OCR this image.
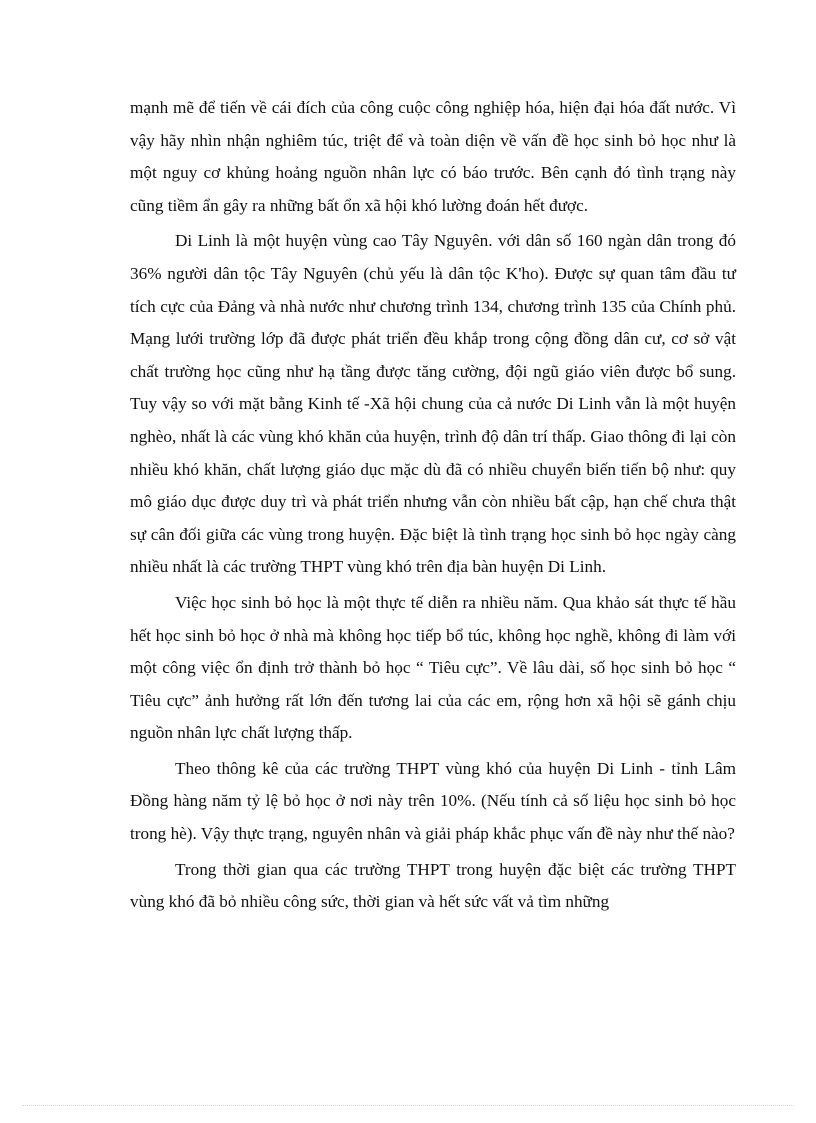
mạnh mẽ để tiến về cái đích của công cuộc công nghiệp hóa, hiện đại hóa đất nước. Vì vậy hãy nhìn nhận nghiêm túc, triệt để và toàn diện về vấn đề học sinh bỏ học như là một nguy cơ khủng hoảng nguồn nhân lực có báo trước. Bên cạnh đó tình trạng này cũng tiềm ẩn gây ra những bất ổn xã hội khó lường đoán hết được.

Di Linh là một huyện vùng cao Tây Nguyên. với dân số 160 ngàn dân trong đó 36% người dân tộc Tây Nguyên (chủ yếu là dân tộc K'ho). Được sự quan tâm đầu tư tích cực của Đảng và nhà nước như chương trình 134, chương trình 135 của Chính phủ. Mạng lưới trường lớp đã được phát triển đều khắp trong cộng đồng dân cư, cơ sở vật chất trường học cũng như hạ tầng được tăng cường, đội ngũ giáo viên được bổ sung. Tuy vậy so với mặt bằng Kinh tế -Xã hội chung của cả nước Di Linh vẫn là một huyện nghèo, nhất là các vùng khó khăn của huyện, trình độ dân trí thấp. Giao thông đi lại còn nhiều khó khăn, chất lượng giáo dục mặc dù đã có nhiều chuyển biến tiến bộ như: quy mô giáo dục được duy trì và phát triển nhưng vẫn còn nhiều bất cập, hạn chế chưa thật sự cân đối giữa các vùng trong huyện. Đặc biệt là tình trạng học sinh bỏ học ngày càng nhiều nhất là các trường THPT vùng khó trên địa bàn huyện Di Linh.

Việc học sinh bỏ học là một thực tế diễn ra nhiều năm. Qua khảo sát thực tế hầu hết học sinh bỏ học ở nhà mà không học tiếp bổ túc, không học nghề, không đi làm với một công việc ổn định trở thành bỏ học “ Tiêu cực”. Về lâu dài, số học sinh bỏ học “ Tiêu cực” ảnh hưởng rất lớn đến tương lai của các em, rộng hơn xã hội sẽ gánh chịu nguồn nhân lực chất lượng thấp.

Theo thông kê của các trường THPT vùng khó của huyện Di Linh - tỉnh Lâm Đồng hàng năm tỷ lệ bỏ học ở nơi này trên 10%. (Nếu tính cả số liệu học sinh bỏ học trong hè). Vậy thực trạng, nguyên nhân và giải pháp khắc phục vấn đề này như thế nào?

Trong thời gian qua các trường THPT trong huyện đặc biệt các trường THPT vùng khó đã bỏ nhiều công sức, thời gian và hết sức vất vả tìm những
